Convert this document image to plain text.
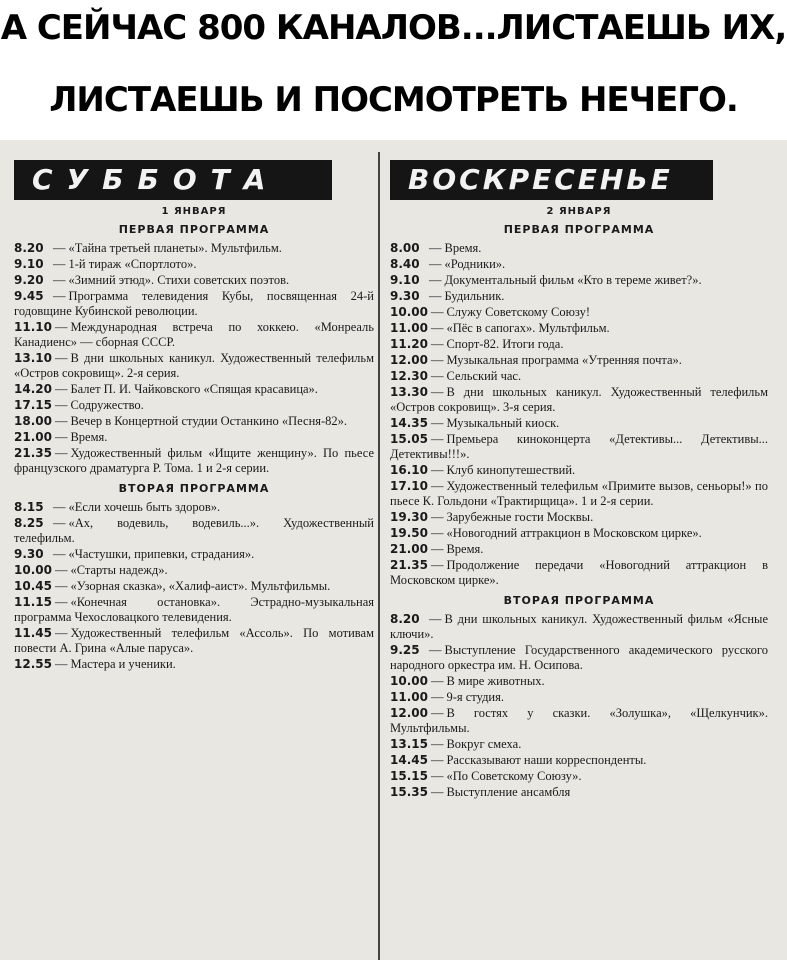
А СЕЙЧАС 800 КАНАЛОВ...ЛИСТАЕШЬ ИХ,
ЛИСТАЕШЬ И ПОСМОТРЕТЬ НЕЧЕГО.
СУББОТА
1 ЯНВАРЯ
ПЕРВАЯ ПРОГРАММА
8.20 — «Тайна третьей планеты». Мультфильм.
9.10 — 1-й тираж «Спортлото».
9.20 — «Зимний этюд». Стихи советских поэтов.
9.45 — Программа телевидения Кубы, посвященная 24-й годовщине Кубинской революции.
11.10 — Международная встреча по хоккею. «Монреаль Канадиенс» — сборная СССР.
13.10 — В дни школьных каникул. Художественный телефильм «Остров сокровищ». 2-я серия.
14.20 — Балет П. И. Чайковского «Спящая красавица».
17.15 — Содружество.
18.00 — Вечер в Концертной студии Останкино «Песня-82».
21.00 — Время.
21.35 — Художественный фильм «Ищите женщину». По пьесе французского драматурга Р. Тома. 1 и 2-я серии.
ВТОРАЯ ПРОГРАММА
8.15 — «Если хочешь быть здоров».
8.25 — «Ах, водевиль, водевиль...». Художественный телефильм.
9.30 — «Частушки, припевки, страдания».
10.00 — «Старты надежд».
10.45 — «Узорная сказка», «Халиф-аист». Мультфильмы.
11.15 — «Конечная остановка». Эстрадно-музыкальная программа Чехословацкого телевидения.
11.45 — Художественный телефильм «Ассоль». По мотивам повести А. Грина «Алые паруса».
12.55 — Мастера и ученики.
ВОСКРЕСЕНЬЕ
2 ЯНВАРЯ
ПЕРВАЯ ПРОГРАММА
8.00 — Время.
8.40 — «Родники».
9.10 — Документальный фильм «Кто в тереме живет?».
9.30 — Будильник.
10.00 — Служу Советскому Союзу!
11.00 — «Пёс в сапогах». Мультфильм.
11.20 — Спорт-82. Итоги года.
12.00 — Музыкальная программа «Утренняя почта».
12.30 — Сельский час.
13.30 — В дни школьных каникул. Художественный телефильм «Остров сокровищ». 3-я серия.
14.35 — Музыкальный киоск.
15.05 — Премьера киноконцерта «Детективы... Детективы... Детективы!!!».
16.10 — Клуб кинопутешествий.
17.10 — Художественный телефильм «Примите вызов, сеньоры!» по пьесе К. Гольдони «Трактирщица». 1 и 2-я серии.
19.30 — Зарубежные гости Москвы.
19.50 — «Новогодний аттракцион в Московском цирке».
21.00 — Время.
21.35 — Продолжение передачи «Новогодний аттракцион в Московском цирке».
ВТОРАЯ ПРОГРАММА
8.20 — В дни школьных каникул. Художественный фильм «Ясные ключи».
9.25 — Выступление Государственного академического русского народного оркестра им. Н. Осипова.
10.00 — В мире животных.
11.00 — 9-я студия.
12.00 — В гостях у сказки. «Золушка», «Щелкунчик». Мультфильмы.
13.15 — Вокруг смеха.
14.45 — Рассказывают наши корреспонденты.
15.15 — «По Советскому Союзу».
15.35 — Выступление ансамбля
